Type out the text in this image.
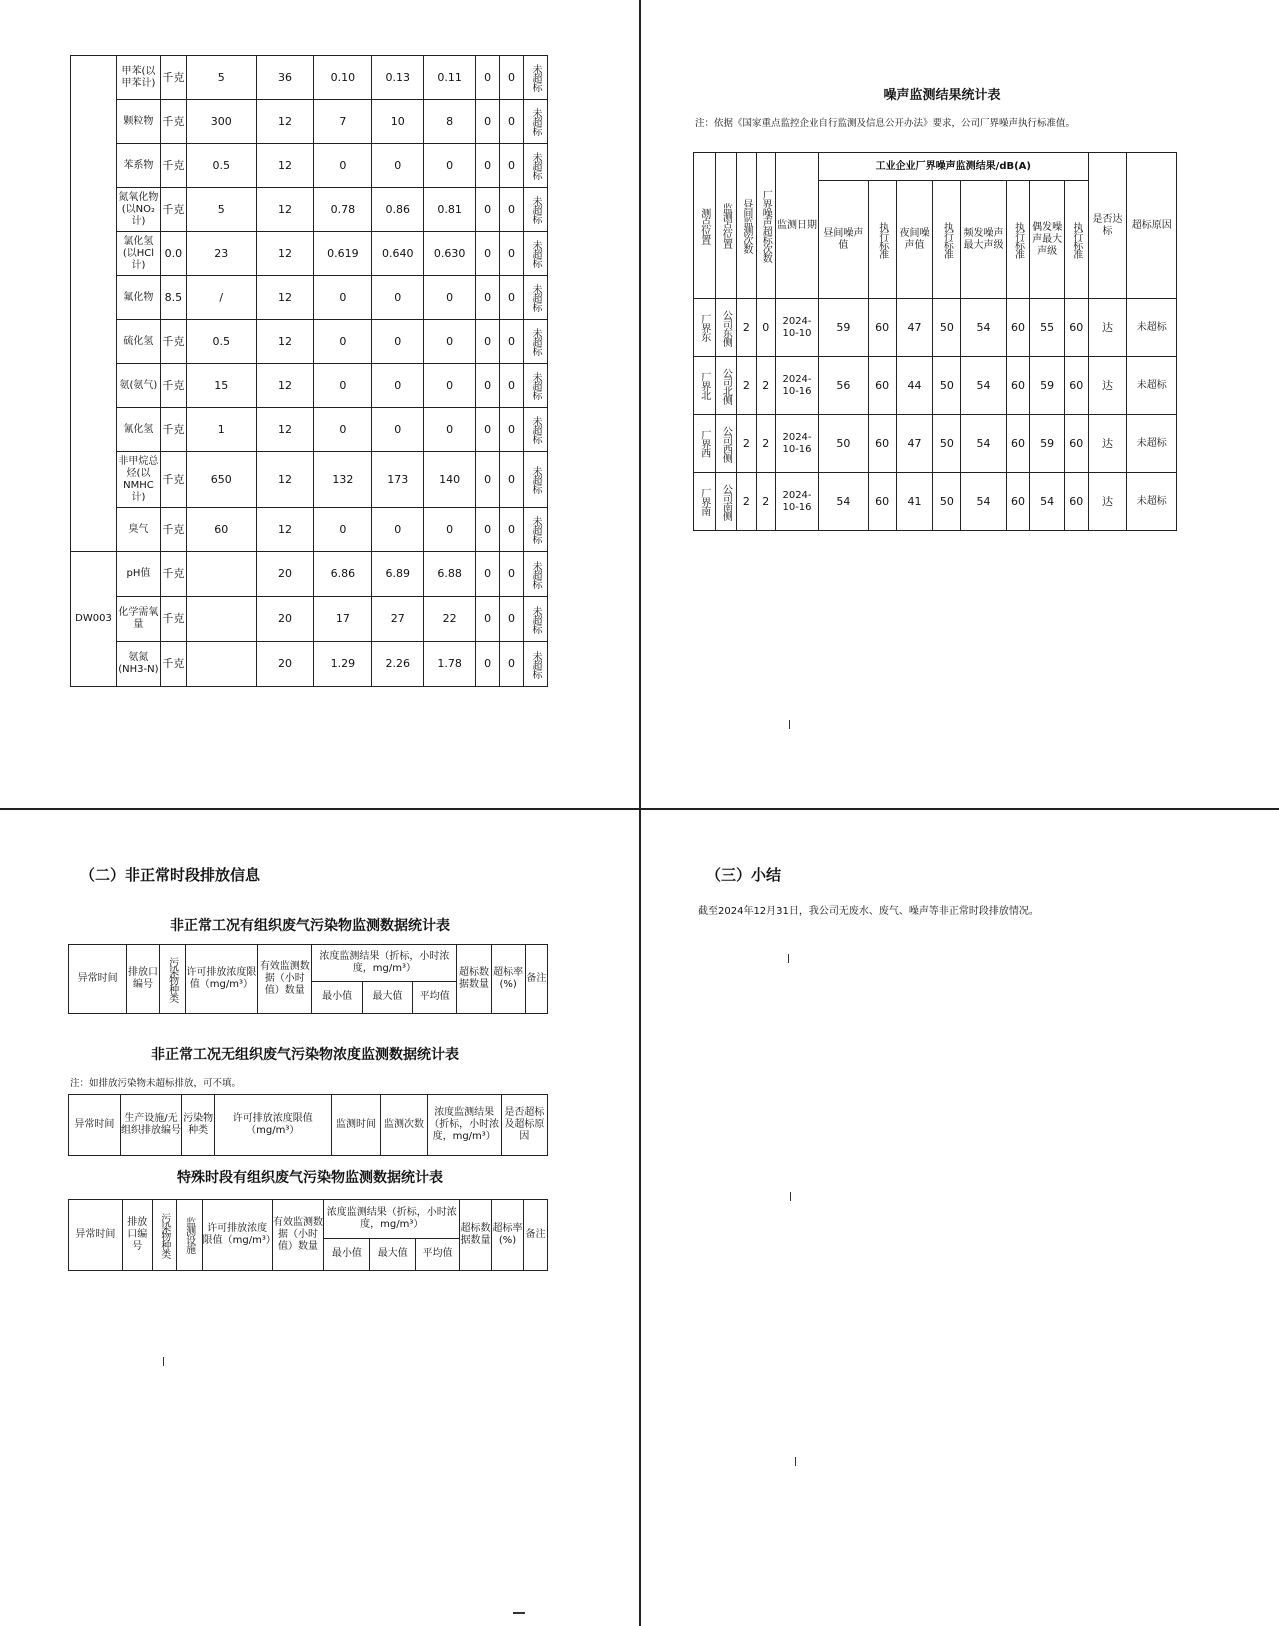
	甲苯(以甲苯计)	千克	5	36	0.10	0.13	0.11	0	0	未超标

	颗粒物	千克	300	12	7	10	8	0	0	未超标

	苯系物	千克	0.5	12	0	0	0	0	0	未超标

	氮氧化物(以NO₂计)	千克	5	12	0.78	0.86	0.81	0	0	未超标

	氯化氢(以HCl计)	0.0	23	12	0.619	0.640	0.630	0	0	未超标

	氟化物	8.5	/	12	0	0	0	0	0	未超标

	硫化氢	千克	0.5	12	0	0	0	0	0	未超标

	氨(氨气)	千克	15	12	0	0	0	0	0	未超标

	氰化氢	千克	1	12	0	0	0	0	0	未超标

	非甲烷总烃(以NMHC计)	千克	650	12	132	173	140	0	0	未超标

	臭气	千克	60	12	0	0	0	0	0	未超标

DW003	pH值	千克		20	6.86	6.89	6.88	0	0	未超标

	化学需氧量	千克		20	17	27	22	0	0	未超标

	氨氮(NH3-N)	千克		20	1.29	2.26	1.78	0	0	未超标
噪声监测结果统计表
注：依据《国家重点监控企业自行监测及信息公开办法》要求，公司厂界噪声执行标准值。
测点位置	监测点位置	昼间监测次数	厂界噪声超标次数	监测日期	工业企业厂界噪声监测结果/dB(A)								是否达标	超标原因
					昼间噪声值	执行标准	夜间噪声值	执行标准	频发噪声最大声级	执行标准	偶发噪声最大声级	执行标准		

厂界东	公司东侧	2	0	2024-10-10	59	60	47	50	54	60	55	60	达	未超标

厂界北	公司北侧	2	2	2024-10-16	56	60	44	50	54	60	59	60	达	未超标

厂界西	公司西侧	2	2	2024-10-16	50	60	47	50	54	60	59	60	达	未超标

厂界南	公司南侧	2	2	2024-10-16	54	60	41	50	54	60	54	60	达	未超标
（二）非正常时段排放信息
非正常工况有组织废气污染物监测数据统计表
异常时间	排放口编号	污染物种类	许可排放浓度限值（mg/m³）	有效监测数据（小时值）数量	浓度监测结果（折标，小时浓度，mg/m³）			超标数据数量	超标率(%)	备注
					最小值	最大值	平均值			
非正常工况无组织废气污染物浓度监测数据统计表
注：如排放污染物未超标排放，可不填。
异常时间	生产设施/无组织排放编号	污染物种类	许可排放浓度限值（mg/m³）	监测时间	监测次数	浓度监测结果（折标，小时浓度，mg/m³）	是否超标及超标原因
特殊时段有组织废气污染物监测数据统计表
异常时间	排放口编号	污染物种类	监测设施	许可排放浓度限值（mg/m³）	有效监测数据（小时值）数量	浓度监测结果（折标，小时浓度，mg/m³）			超标数据数量	超标率(%)	备注
						最小值	最大值	平均值			
（三）小结
截至2024年12月31日，我公司无废水、废气、噪声等非正常时段排放情况。
